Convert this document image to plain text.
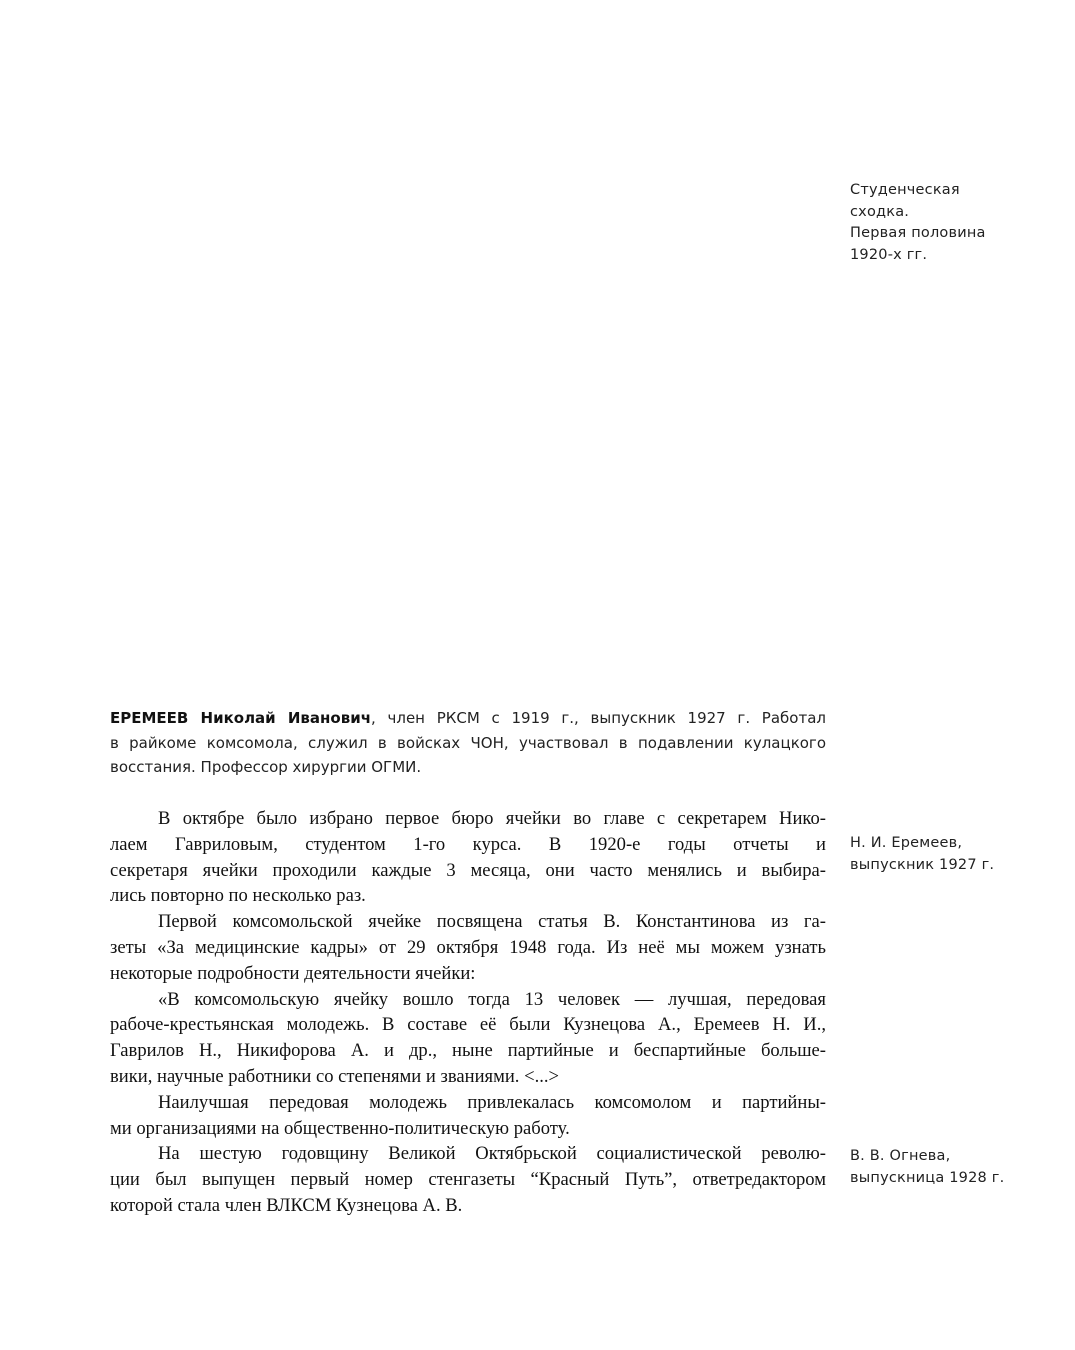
Студенческая
сходка.
Первая половина
1920-х гг.
ЕРЕМЕЕВ Николай Иванович, член РКСМ с 1919 г., выпускник 1927 г. Работал
в райкоме комсомола, служил в войсках ЧОН, участвовал в подавлении кулацкого
восстания. Профессор хирургии ОГМИ.
В октябре было избрано первое бюро ячейки во главе с секретарем Нико-
лаем Гавриловым, студентом 1-го курса. В 1920-е годы отчеты и
секретаря ячейки проходили каждые 3 месяца, они часто менялись и выбира-
лись повторно по несколько раз.
Первой комсомольской ячейке посвящена статья В. Константинова из га-
зеты «За медицинские кадры» от 29 октября 1948 года. Из неё мы можем узнать
некоторые подробности деятельности ячейки:
«В комсомольскую ячейку вошло тогда 13 человек — лучшая, передовая
рабоче-крестьянская молодежь. В составе её были Кузнецова А., Еремеев Н. И.,
Гаврилов Н., Никифорова А. и др., ныне партийные и беспартийные больше-
вики, научные работники со степенями и званиями. <...>
Наилучшая передовая молодежь привлекалась комсомолом и партийны-
ми организациями на общественно-политическую работу.
На шестую годовщину Великой Октябрьской социалистической револю-
ции был выпущен первый номер стенгазеты “Красный Путь”, ответредактором
которой стала член ВЛКСМ Кузнецова А. В.
Н. И. Еремеев,
выпускник 1927 г.
В. В. Огнева,
выпускница 1928 г.
